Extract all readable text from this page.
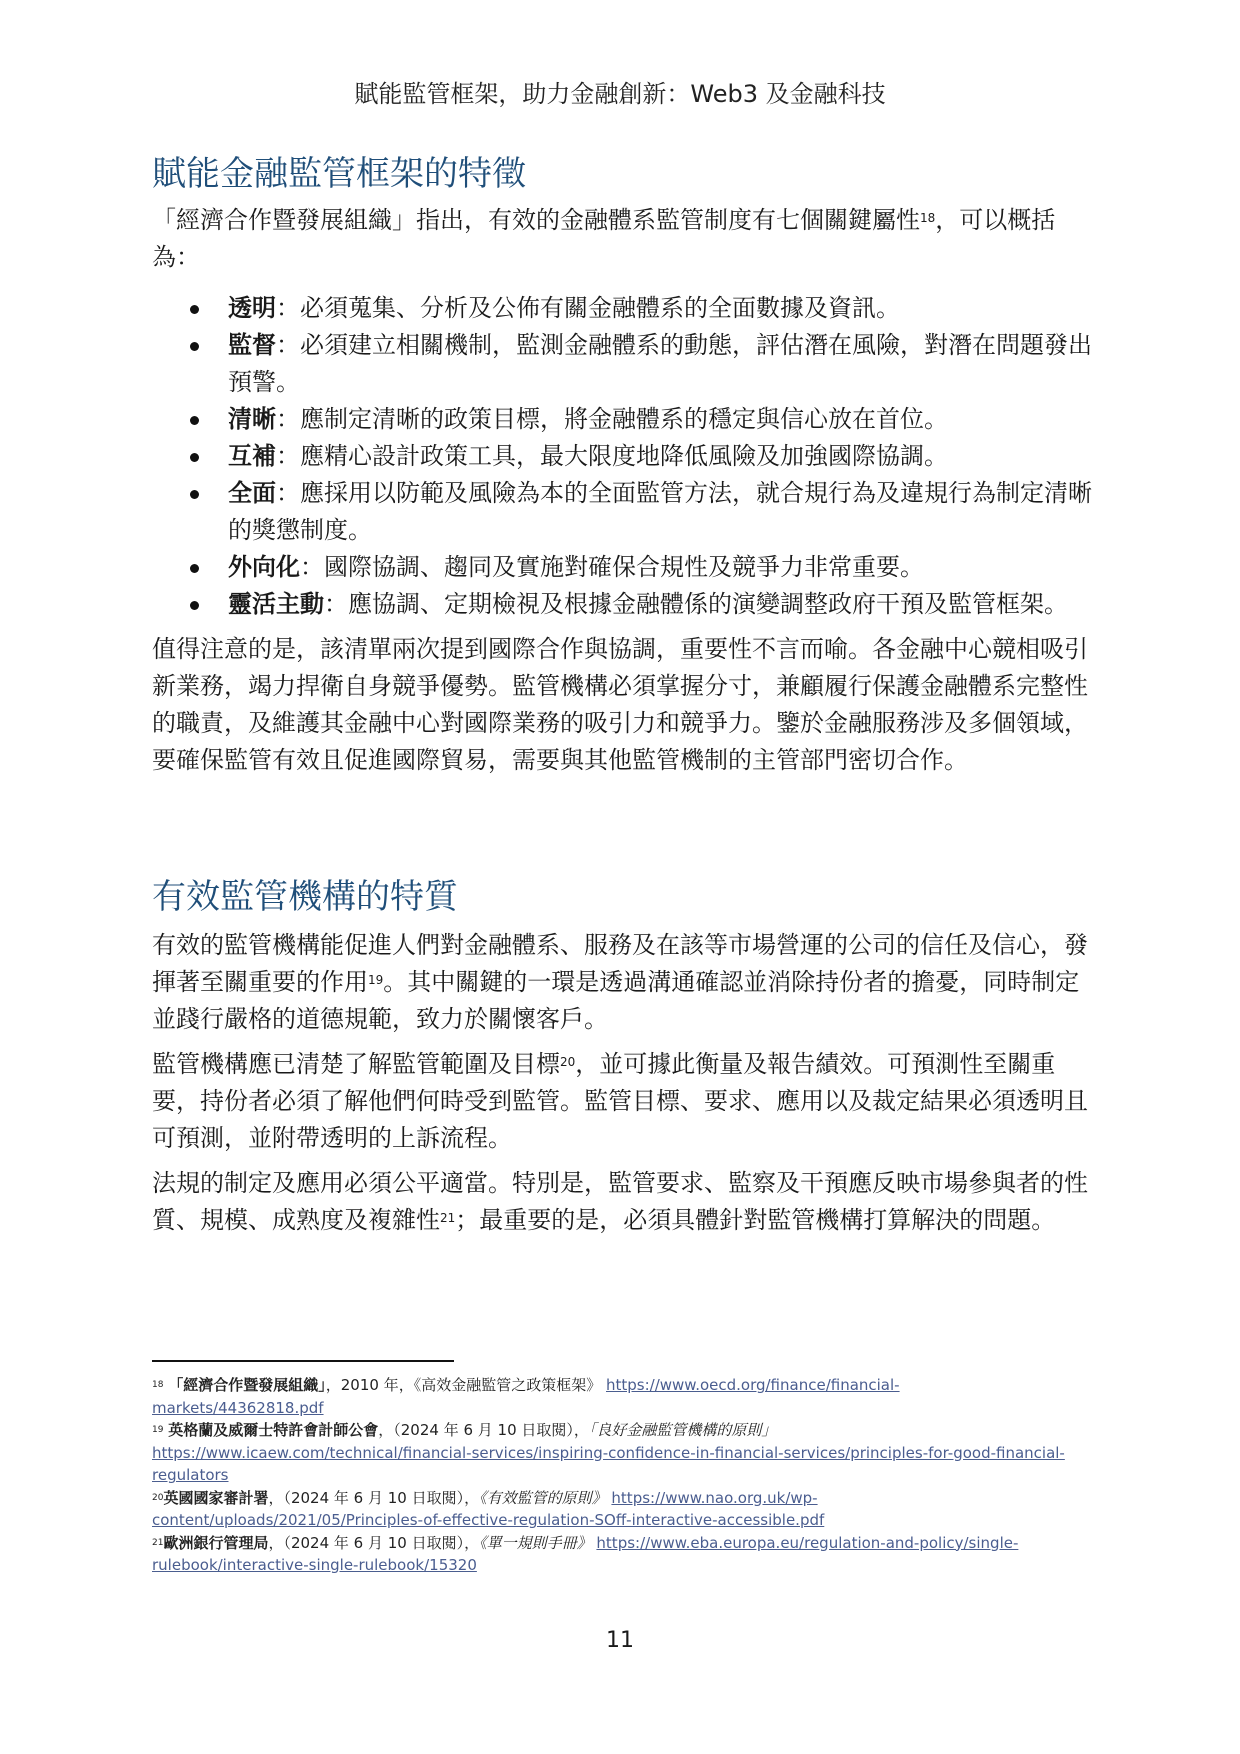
賦能監管框架，助力金融創新：Web3 及金融科技
賦能金融監管框架的特徵

「經濟合作暨發展組織」指出，有效的金融體系監管制度有七個關鍵屬性$^{18}$，可以概括為：

透明：必須蒐集、分析及公佈有關金融體系的全面數據及資訊。
監督：必須建立相關機制，監測金融體系的動態，評估潛在風險，對潛在問題發出預警。
清晰：應制定清晰的政策目標，將金融體系的穩定與信心放在首位。
互補：應精心設計政策工具，最大限度地降低風險及加強國際協調。
全面：應採用以防範及風險為本的全面監管方法，就合規行為及違規行為制定清晰的獎懲制度。
外向化：國際協調、趨同及實施對確保合規性及競爭力非常重要。
靈活主動：應協調、定期檢視及根據金融體係的演變調整政府干預及監管框架。

值得注意的是，該清單兩次提到國際合作與協調，重要性不言而喻。各金融中心競相吸引新業務，竭力捍衛自身競爭優勢。監管機構必須掌握分寸，兼顧履行保護金融體系完整性的職責，及維護其金融中心對國際業務的吸引力和競爭力。鑒於金融服務涉及多個領域，要確保監管有效且促進國際貿易，需要與其他監管機制的主管部門密切合作。

有效監管機構的特質

有效的監管機構能促進人們對金融體系、服務及在該等市場營運的公司的信任及信心，發揮著至關重要的作用$^{19}$。其中關鍵的一環是透過溝通確認並消除持份者的擔憂，同時制定並踐行嚴格的道德規範，致力於關懷客戶。

監管機構應已清楚了解監管範圍及目標$^{20}$，並可據此衡量及報告績效。可預測性至關重要，持份者必須了解他們何時受到監管。監管目標、要求、應用以及裁定結果必須透明且可預測，並附帶透明的上訴流程。

法規的制定及應用必須公平適當。特別是，監管要求、監察及干預應反映市場參與者的性質、規模、成熟度及複雜性$^{21}$；最重要的是，必須具體針對監管機構打算解決的問題。

$^{18}$ 「經濟合作暨發展組織」，2010 年，《高效金融監管之政策框架》 https://www.oecd.org/finance/financial-
markets/44362818.pdf
$^{19}$ 英格蘭及威爾士特許會計師公會，（2024 年 6 月 10 日取閱），「良好金融監管機構的原則」
https://www.icaew.com/technical/financial-services/inspiring-confidence-in-financial-services/principles-for-good-financial-
regulators
$^{20}$英國國家審計署，（2024 年 6 月 10 日取閱），《有效監管的原則》 https://www.nao.org.uk/wp-
content/uploads/2021/05/Principles-of-effective-regulation-SOff-interactive-accessible.pdf
$^{21}$歐洲銀行管理局，（2024 年 6 月 10 日取閱），《單一規則手冊》 https://www.eba.europa.eu/regulation-and-policy/single-
rulebook/interactive-single-rulebook/15320
11
